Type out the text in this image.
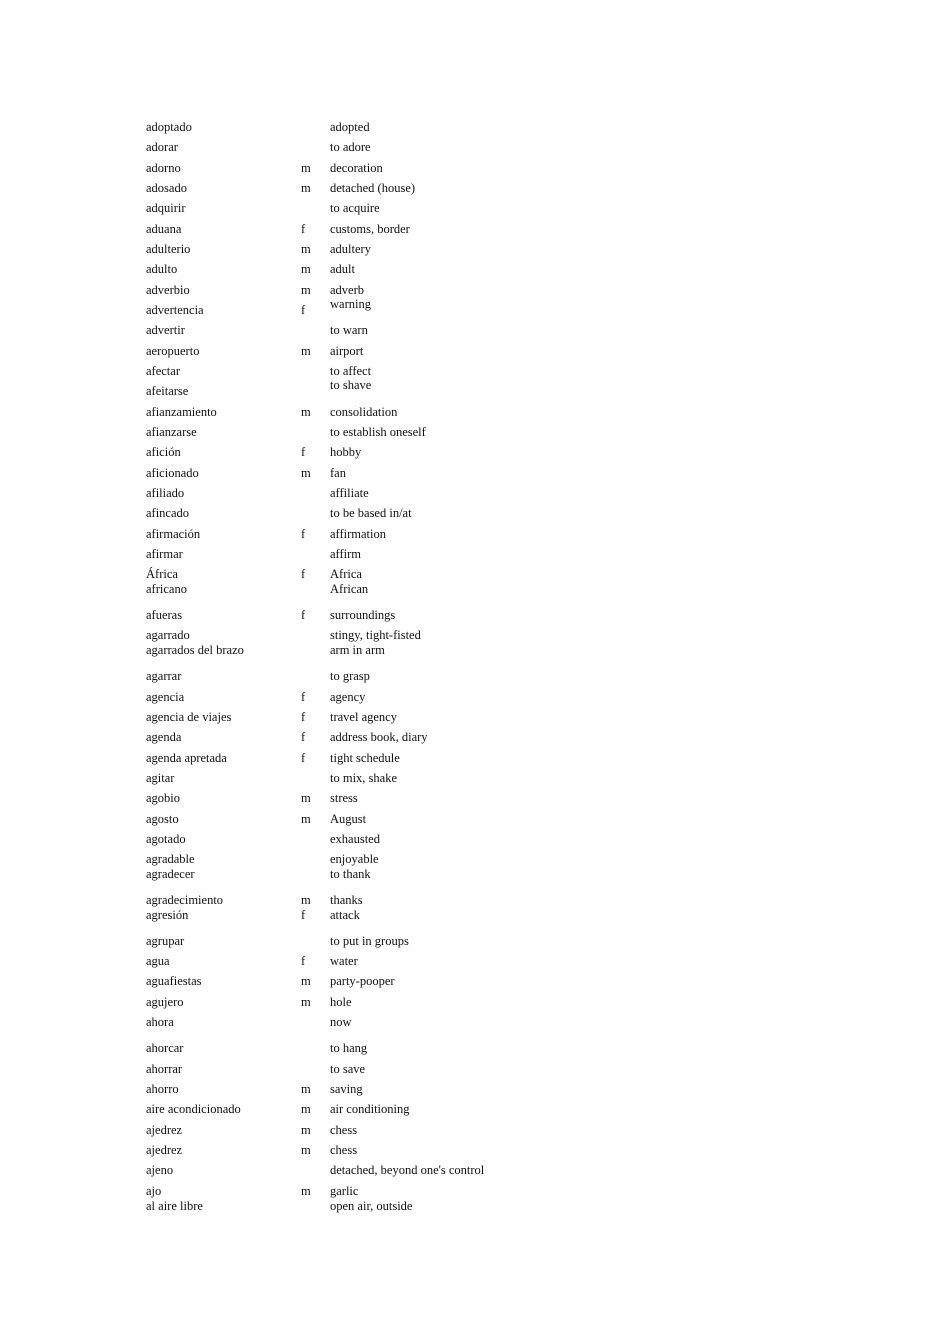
adoptado	adopted
adorar	to adore
adorno	m decoration
adosado	m detached (house)
adquirir	to acquire
aduana	f customs, border
adulterio	m adultery
adulto	m adult
adverbio	m adverb
advertencia	f warning
advertir	to warn
aeropuerto	m airport
afectar	to affect
afeitarse	to shave
afianzamiento	m consolidation
afianzarse	to establish oneself
afición	f hobby
aficionado	m fan
afiliado	affiliate
afincado	to be based in/at
afirmación	f affirmation
afirmar	affirm
África	f Africa
africano	African
afueras	f surroundings
agarrado	stingy, tight-fisted
agarrados del brazo	arm in arm
agarrar	to grasp
agencia	f agency
agencia de viajes	f travel agency
agenda	f address book, diary
agenda apretada	f tight schedule
agitar	to mix, shake
agobio	m stress
agosto	m August
agotado	exhausted
agradable	enjoyable
agradecer	to thank
agradecimiento	m thanks
agresión	f attack
agrupar	to put in groups
agua	f water
aguafiestas	m party-pooper
agujero	m hole
ahora	now
ahorcar	to hang
ahorrar	to save
ahorro	m saving
aire acondicionado	m air conditioning
ajedrez	m chess
ajedrez	m chess
ajeno	detached, beyond one's control
ajo	m garlic
al aire libre	open air, outside
